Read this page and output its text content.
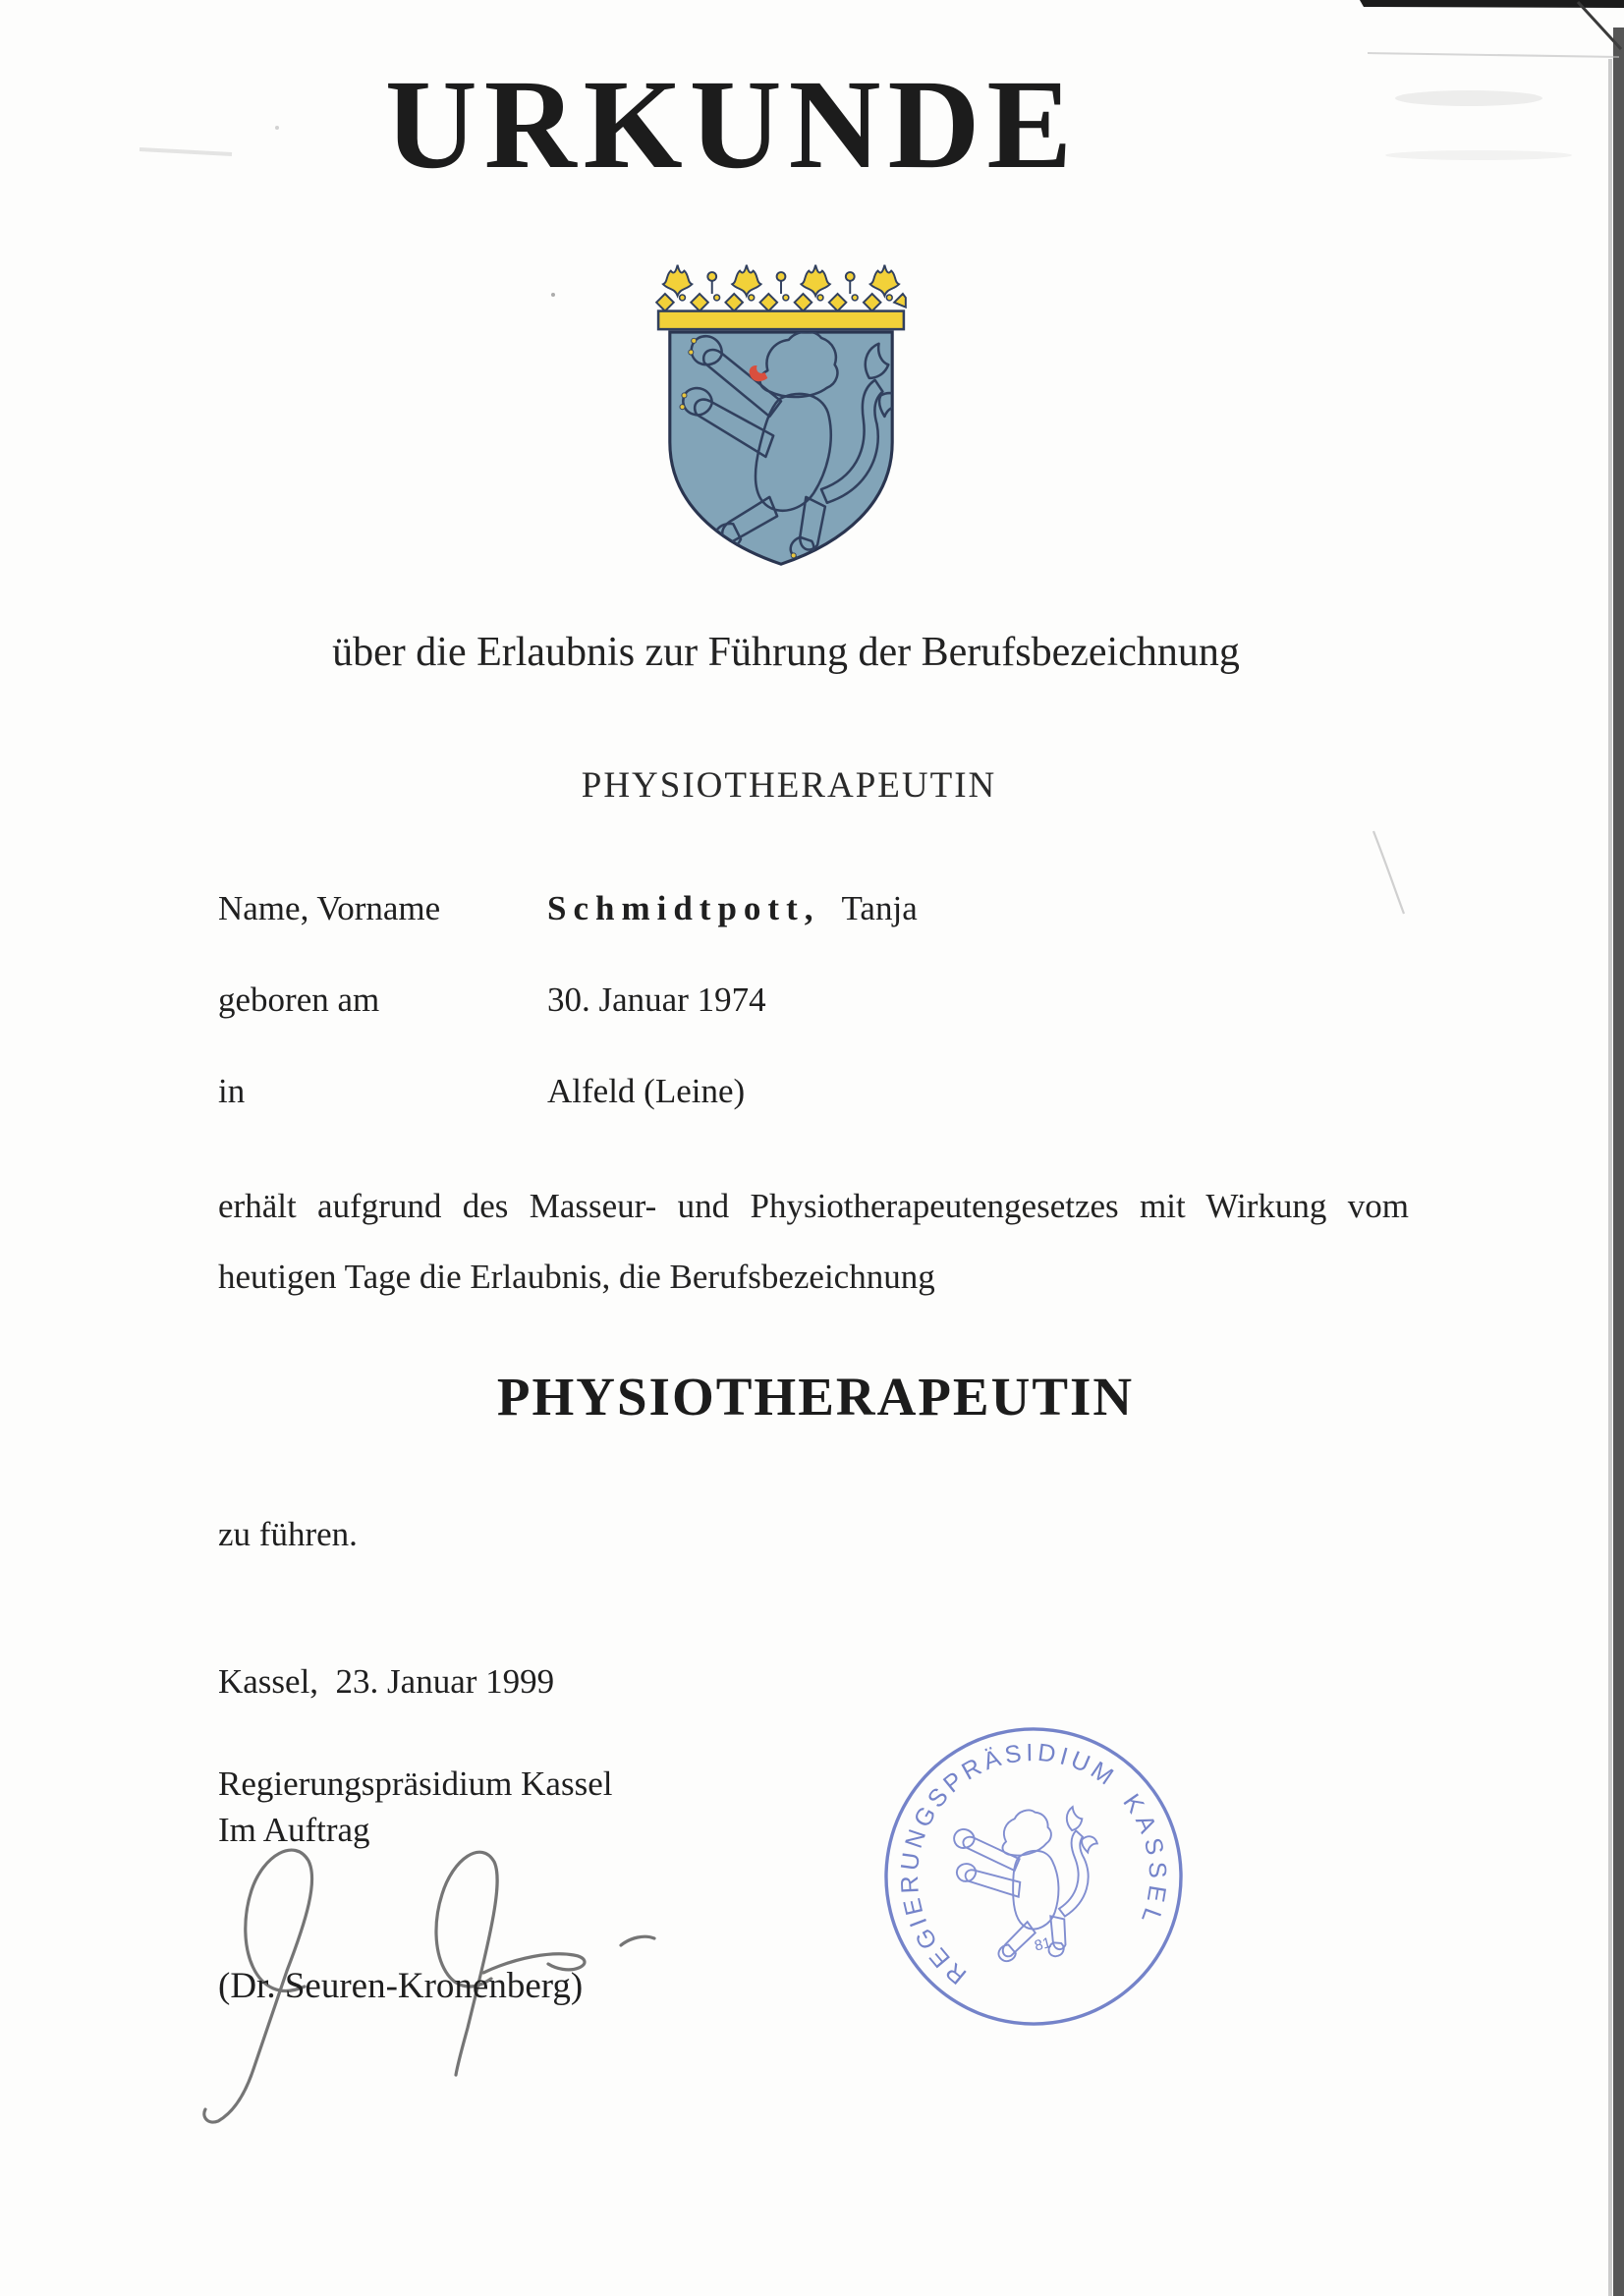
URKUNDE
über die Erlaubnis zur Führung der Berufsbezeichnung
PHYSIOTHERAPEUTIN
Name, Vorname	Schmidtpott, Tanja
geboren am	30. Januar 1974
in	Alfeld (Leine)
erhält aufgrund des Masseur- und Physiotherapeutengesetzes mit Wirkung vom
heutigen Tage die Erlaubnis, die Berufsbezeichnung
PHYSIOTHERAPEUTIN
zu führen.
Kassel,  23. Januar 1999
Regierungspräsidium Kassel
Im Auftrag
(Dr. Seuren-Kronenberg)	REGIERUNGSPRÄSIDIUM
KASSEL
81
